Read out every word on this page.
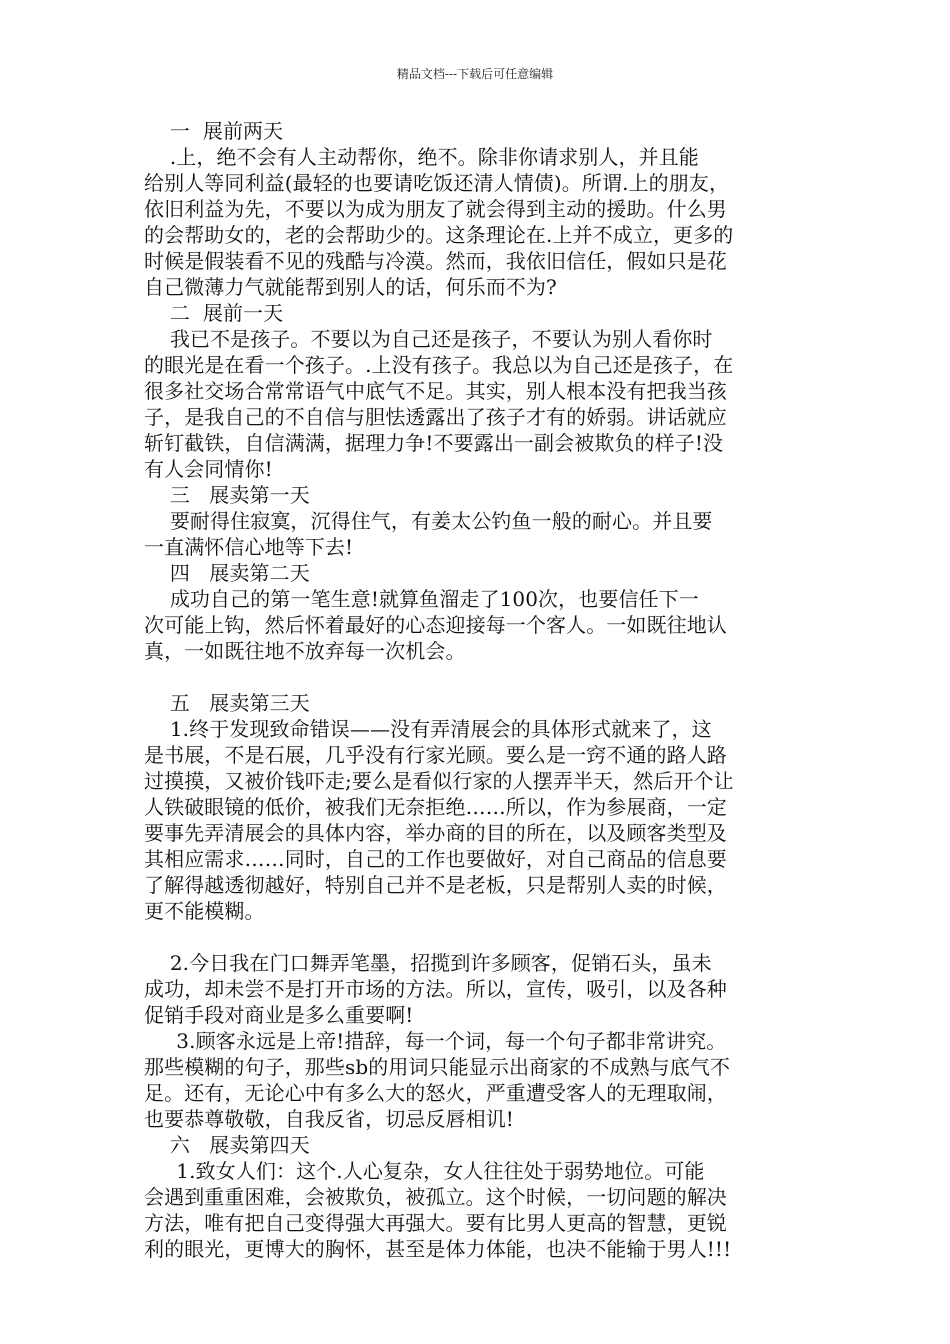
精品文档---下载后可任意编辑
一  展前两天
.上，绝不会有人主动帮你，绝不。除非你请求别人，并且能
给别人等同利益(最轻的也要请吃饭还清人情债)。所谓.上的朋友，
依旧利益为先，不要以为成为朋友了就会得到主动的援助。什么男
的会帮助女的，老的会帮助少的。这条理论在.上并不成立，更多的
时候是假装看不见的残酷与冷漠。然而，我依旧信任，假如只是花
自己微薄力气就能帮到别人的话，何乐而不为?
二  展前一天
我已不是孩子。不要以为自己还是孩子，不要认为别人看你时
的眼光是在看一个孩子。.上没有孩子。我总以为自己还是孩子，在
很多社交场合常常语气中底气不足。其实，别人根本没有把我当孩
子，是我自己的不自信与胆怯透露出了孩子才有的娇弱。讲话就应
斩钉截铁，自信满满，据理力争!不要露出一副会被欺负的样子!没
有人会同情你!
三   展卖第一天
要耐得住寂寞，沉得住气，有姜太公钓鱼一般的耐心。并且要
一直满怀信心地等下去!
四   展卖第二天
成功自己的第一笔生意!就算鱼溜走了100次，也要信任下一
次可能上钩，然后怀着最好的心态迎接每一个客人。一如既往地认
真，一如既往地不放弃每一次机会。
五   展卖第三天
1.终于发现致命错误——没有弄清展会的具体形式就来了，这
是书展，不是石展，几乎没有行家光顾。要么是一窍不通的路人路
过摸摸，又被价钱吓走;要么是看似行家的人摆弄半天，然后开个让
人铁破眼镜的低价，被我们无奈拒绝……所以，作为参展商，一定
要事先弄清展会的具体内容，举办商的目的所在，以及顾客类型及
其相应需求……同时，自己的工作也要做好，对自己商品的信息要
了解得越透彻越好，特别自己并不是老板，只是帮别人卖的时候，
更不能模糊。
2.今日我在门口舞弄笔墨，招揽到许多顾客，促销石头，虽未
成功，却未尝不是打开市场的方法。所以，宣传，吸引，以及各种
促销手段对商业是多么重要啊!
3.顾客永远是上帝!措辞，每一个词，每一个句子都非常讲究。
那些模糊的句子，那些sb的用词只能显示出商家的不成熟与底气不
足。还有，无论心中有多么大的怒火，严重遭受客人的无理取闹，
也要恭尊敬敬，自我反省，切忌反唇相讥!
六   展卖第四天
1.致女人们：这个.人心复杂，女人往往处于弱势地位。可能
会遇到重重困难，会被欺负，被孤立。这个时候，一切问题的解决
方法，唯有把自己变得强大再强大。要有比男人更高的智慧，更锐
利的眼光，更博大的胸怀，甚至是体力体能，也决不能输于男人!!!
